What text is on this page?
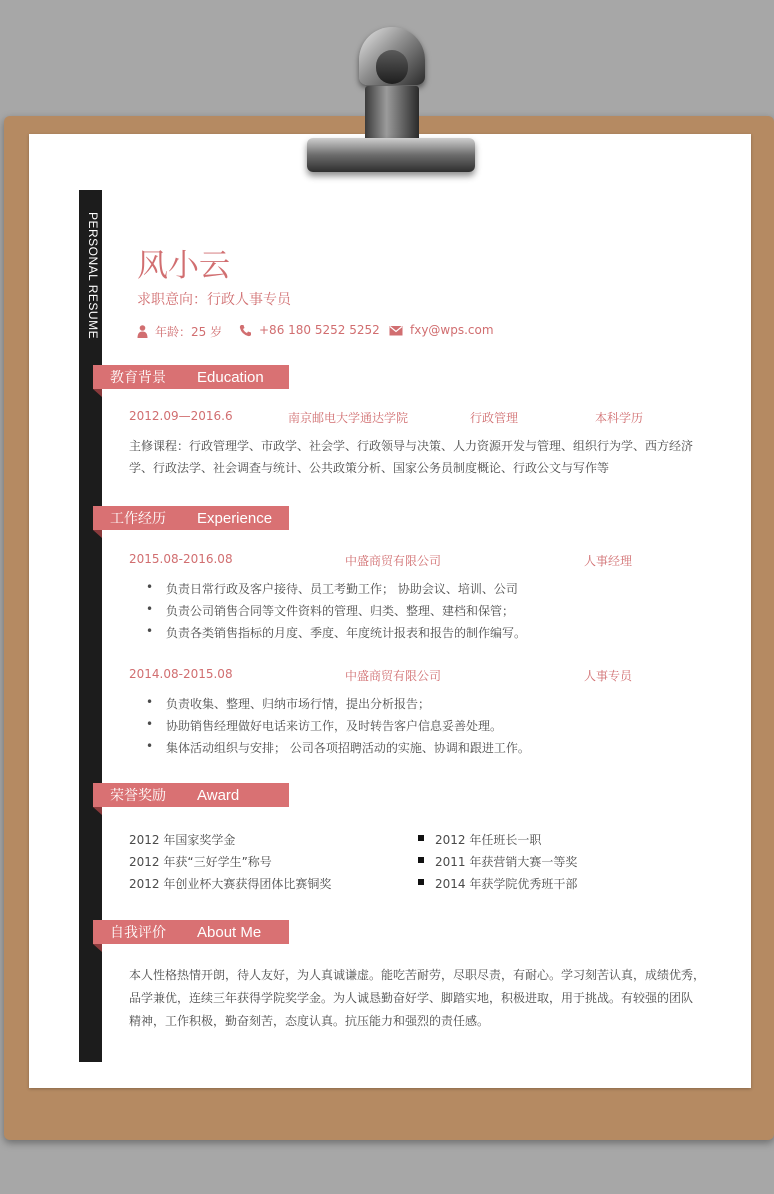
PERSONAL RESUME 风小云
求职意向：行政人事专员
年龄：25 岁	+86 180 5252 5252	fxy@wps.com
教育背景	Education
2012.09—2016.6	南京邮电大学通达学院	行政管理	本科学历
主修课程：行政管理学、市政学、社会学、行政领导与决策、人力资源开发与管理、组织行为学、西方经济
学、行政法学、社会调查与统计、公共政策分析、国家公务员制度概论、行政公文与写作等
工作经历	Experience
2015.08-2016.08	中盛商贸有限公司	人事经理
• 负责日常行政及客户接待、员工考勤工作； 协助会议、培训、公司
• 负责公司销售合同等文件资料的管理、归类、整理、建档和保管；
• 负责各类销售指标的月度、季度、年度统计报表和报告的制作编写。
2014.08-2015.08	中盛商贸有限公司	人事专员
• 负责收集、整理、归纳市场行情，提出分析报告；
• 协助销售经理做好电话来访工作，及时转告客户信息妥善处理。
• 集体活动组织与安排； 公司各项招聘活动的实施、协调和跟进工作。
荣誉奖励	Award
2012 年国家奖学金
2012 年获“三好学生”称号
2012 年创业杯大赛获得团体比赛铜奖
2012 年任班长一职
2011 年获营销大赛一等奖
2014 年获学院优秀班干部
自我评价	About Me
本人性格热情开朗，待人友好，为人真诚谦虚。能吃苦耐劳，尽职尽责，有耐心。学习刻苦认真，成绩优秀，
品学兼优，连续三年获得学院奖学金。为人诚恳勤奋好学、脚踏实地，积极进取，用于挑战。有较强的团队
精神，工作积极，勤奋刻苦，态度认真。抗压能力和强烈的责任感。
